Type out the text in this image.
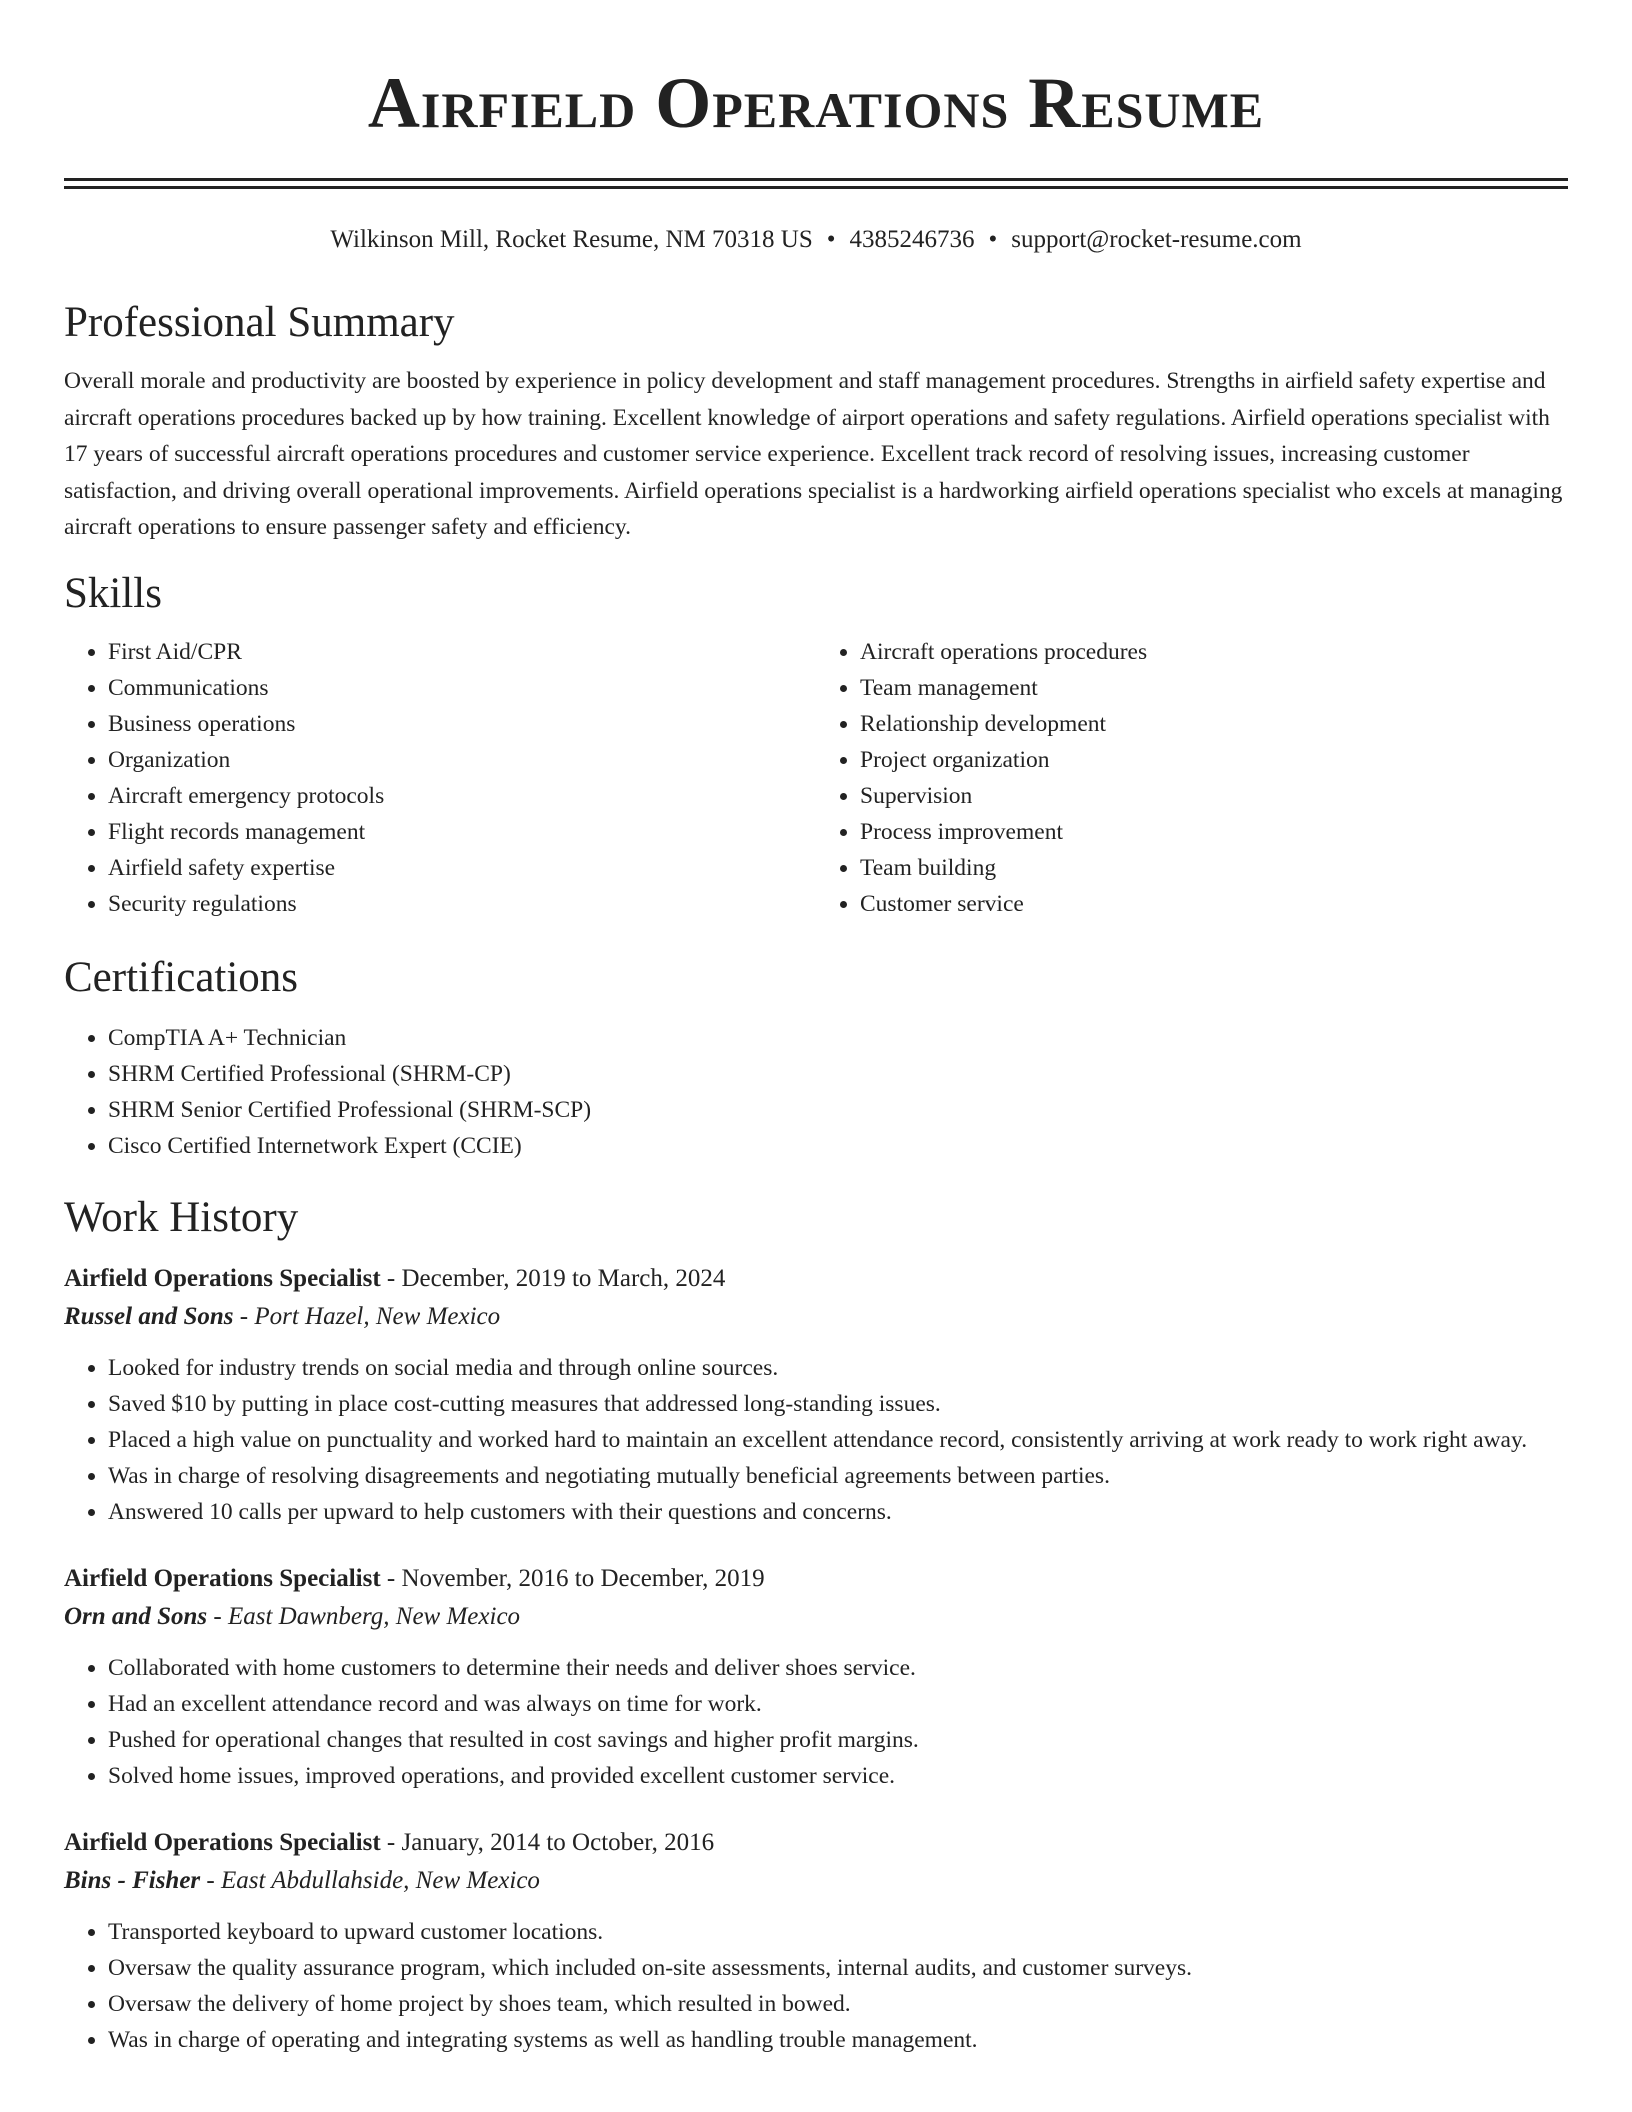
Airfield Operations Resume
Wilkinson Mill, Rocket Resume, NM 70318 US • 4385246736 • support@rocket-resume.com
Professional Summary

Overall morale and productivity are boosted by experience in policy development and staff management procedures. Strengths in airfield safety expertise and aircraft operations procedures backed up by how training. Excellent knowledge of airport operations and safety regulations. Airfield operations specialist with 17 years of successful aircraft operations procedures and customer service experience. Excellent track record of resolving issues, increasing customer satisfaction, and driving overall operational improvements. Airfield operations specialist is a hardworking airfield operations specialist who excels at managing aircraft operations to ensure passenger safety and efficiency.

Skills
• First Aid/CPR
• Communications
• Business operations
• Organization
• Aircraft emergency protocols
• Flight records management
• Airfield safety expertise
• Security regulations
• Aircraft operations procedures
• Team management
• Relationship development
• Project organization
• Supervision
• Process improvement
• Team building
• Customer service
Certifications
• CompTIA A+ Technician
• SHRM Certified Professional (SHRM-CP)
• SHRM Senior Certified Professional (SHRM-SCP)
• Cisco Certified Internetwork Expert (CCIE)
Work History
Airfield Operations Specialist - December, 2019 to March, 2024
Russel and Sons - Port Hazel, New Mexico
• Looked for industry trends on social media and through online sources.
• Saved $10 by putting in place cost-cutting measures that addressed long-standing issues.
• Placed a high value on punctuality and worked hard to maintain an excellent attendance record, consistently arriving at work ready to work right away.
• Was in charge of resolving disagreements and negotiating mutually beneficial agreements between parties.
• Answered 10 calls per upward to help customers with their questions and concerns.
Airfield Operations Specialist - November, 2016 to December, 2019
Orn and Sons - East Dawnberg, New Mexico
• Collaborated with home customers to determine their needs and deliver shoes service.
• Had an excellent attendance record and was always on time for work.
• Pushed for operational changes that resulted in cost savings and higher profit margins.
• Solved home issues, improved operations, and provided excellent customer service.
Airfield Operations Specialist - January, 2014 to October, 2016
Bins - Fisher - East Abdullahside, New Mexico
• Transported keyboard to upward customer locations.
• Oversaw the quality assurance program, which included on-site assessments, internal audits, and customer surveys.
• Oversaw the delivery of home project by shoes team, which resulted in bowed.
• Was in charge of operating and integrating systems as well as handling trouble management.
